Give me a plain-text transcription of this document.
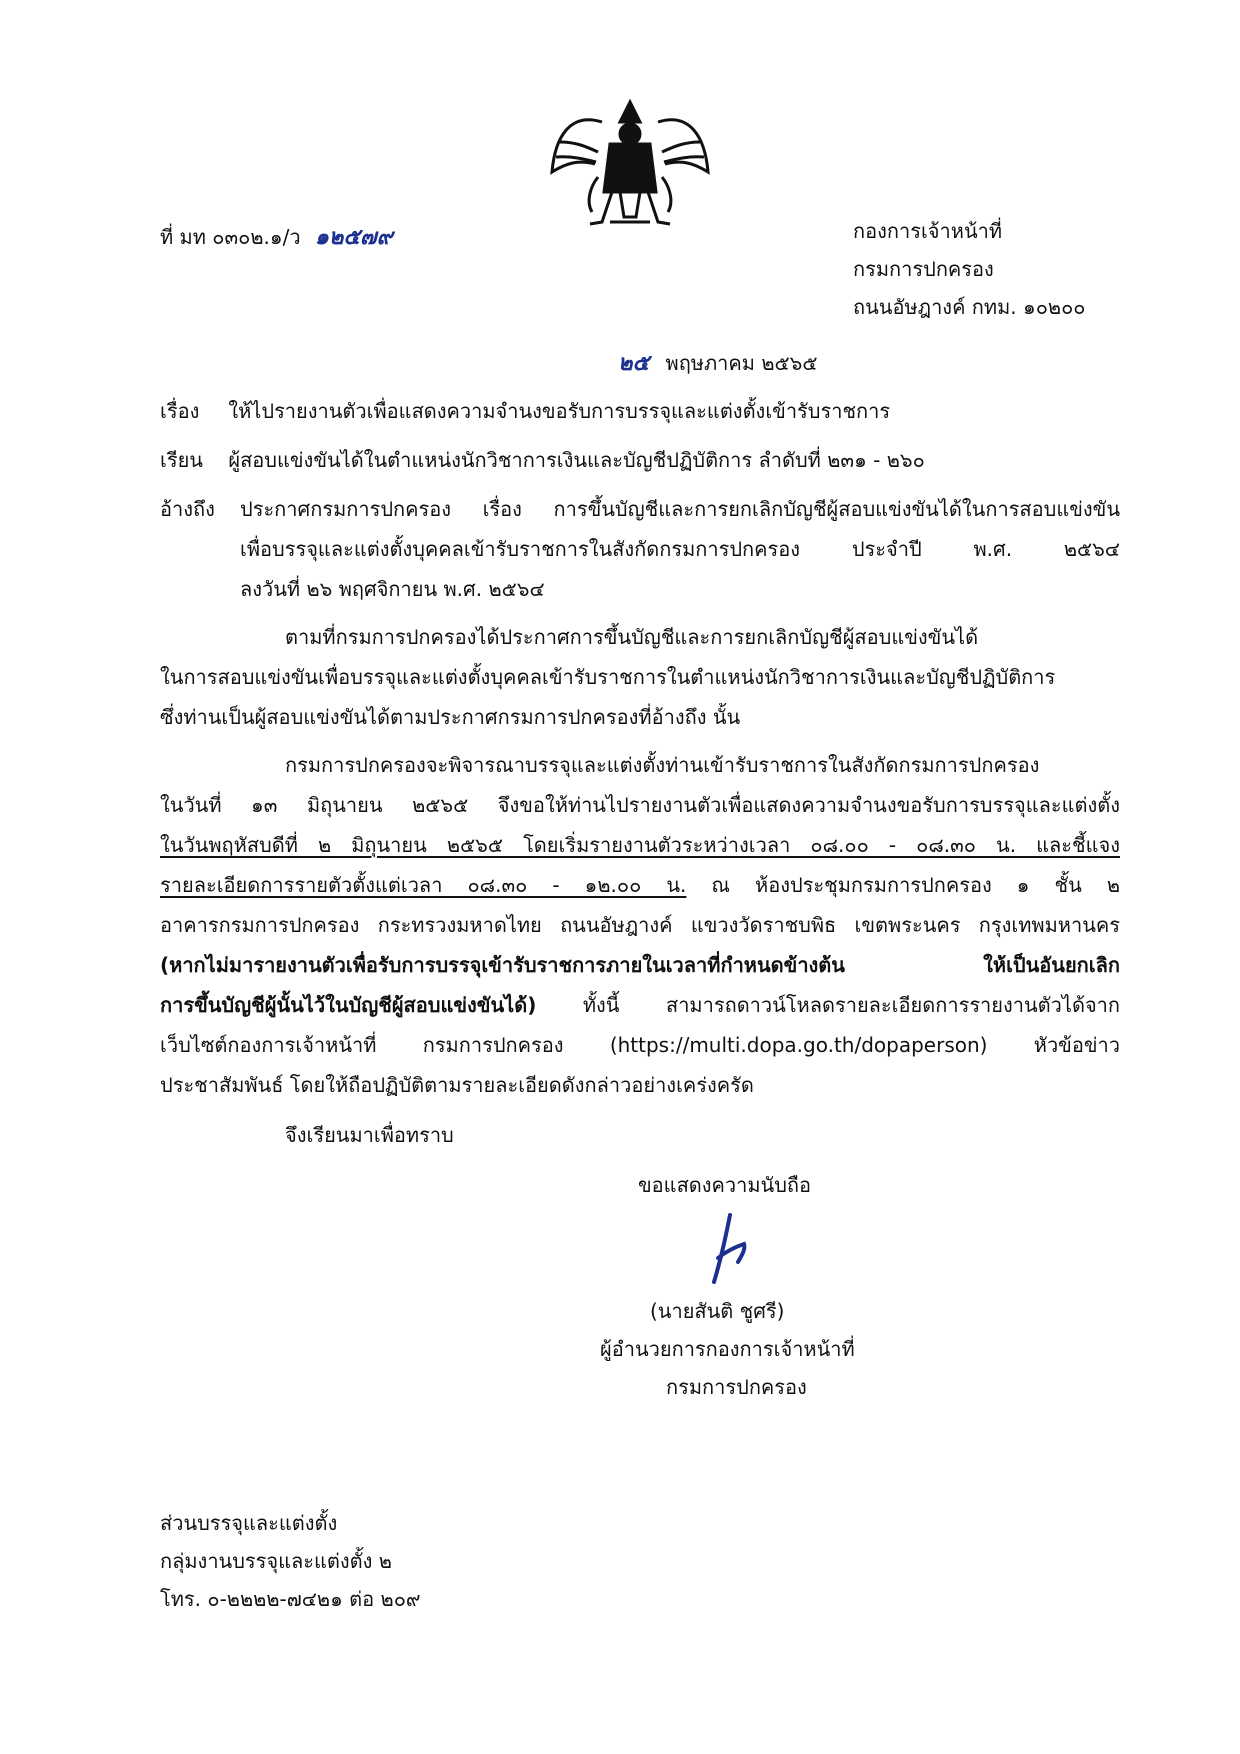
ที่ มท ๐๓๐๒.๑/ว ๑๒๕๗๙	กองการเจ้าหน้าที่
กรมการปกครอง
ถนนอัษฎางค์ กทม. ๑๐๒๐๐
๒๕ พฤษภาคม ๒๕๖๕
เรื่อง ให้ไปรายงานตัวเพื่อแสดงความจำนงขอรับการบรรจุและแต่งตั้งเข้ารับราชการ
เรียน ผู้สอบแข่งขันได้ในตำแหน่งนักวิชาการเงินและบัญชีปฏิบัติการ ลำดับที่ ๒๓๑ - ๒๖๐
อ้างถึง ประกาศกรมการปกครอง เรื่อง การขึ้นบัญชีและการยกเลิกบัญชีผู้สอบแข่งขันได้ในการสอบแข่งขัน
เพื่อบรรจุและแต่งตั้งบุคคลเข้ารับราชการในสังกัดกรมการปกครอง ประจำปี พ.ศ. ๒๕๖๔
ลงวันที่ ๒๖ พฤศจิกายน พ.ศ. ๒๕๖๔
ตามที่กรมการปกครองได้ประกาศการขึ้นบัญชีและการยกเลิกบัญชีผู้สอบแข่งขันได้
ในการสอบแข่งขันเพื่อบรรจุและแต่งตั้งบุคคลเข้ารับราชการในตำแหน่งนักวิชาการเงินและบัญชีปฏิบัติการ
ซึ่งท่านเป็นผู้สอบแข่งขันได้ตามประกาศกรมการปกครองที่อ้างถึง นั้น
กรมการปกครองจะพิจารณาบรรจุและแต่งตั้งท่านเข้ารับราชการในสังกัดกรมการปกครอง
ในวันที่ ๑๓ มิถุนายน ๒๕๖๕ จึงขอให้ท่านไปรายงานตัวเพื่อแสดงความจำนงขอรับการบรรจุและแต่งตั้ง
ในวันพฤหัสบดีที่ ๒ มิถุนายน ๒๕๖๕ โดยเริ่มรายงานตัวระหว่างเวลา ๐๘.๐๐ - ๐๘.๓๐ น. และชี้แจง
รายละเอียดการรายตัวตั้งแต่เวลา ๐๘.๓๐ - ๑๒.๐๐ น. ณ ห้องประชุมกรมการปกครอง ๑ ชั้น ๒
อาคารกรมการปกครอง กระทรวงมหาดไทย ถนนอัษฎางค์ แขวงวัดราชบพิธ เขตพระนคร กรุงเทพมหานคร
(หากไม่มารายงานตัวเพื่อรับการบรรจุเข้ารับราชการภายในเวลาที่กำหนดข้างต้น ให้เป็นอันยกเลิก
การขึ้นบัญชีผู้นั้นไว้ในบัญชีผู้สอบแข่งขันได้) ทั้งนี้ สามารถดาวน์โหลดรายละเอียดการรายงานตัวได้จาก
เว็บไซต์กองการเจ้าหน้าที่ กรมการปกครอง (https://multi.dopa.go.th/dopaperson) หัวข้อข่าว
ประชาสัมพันธ์ โดยให้ถือปฏิบัติตามรายละเอียดดังกล่าวอย่างเคร่งครัด
จึงเรียนมาเพื่อทราบ
ขอแสดงความนับถือ
(นายสันติ ชูศรี)
ผู้อำนวยการกองการเจ้าหน้าที่
กรมการปกครอง
ส่วนบรรจุและแต่งตั้ง
กลุ่มงานบรรจุและแต่งตั้ง ๒
โทร. ๐-๒๒๒๒-๗๔๒๑ ต่อ ๒๐๙
